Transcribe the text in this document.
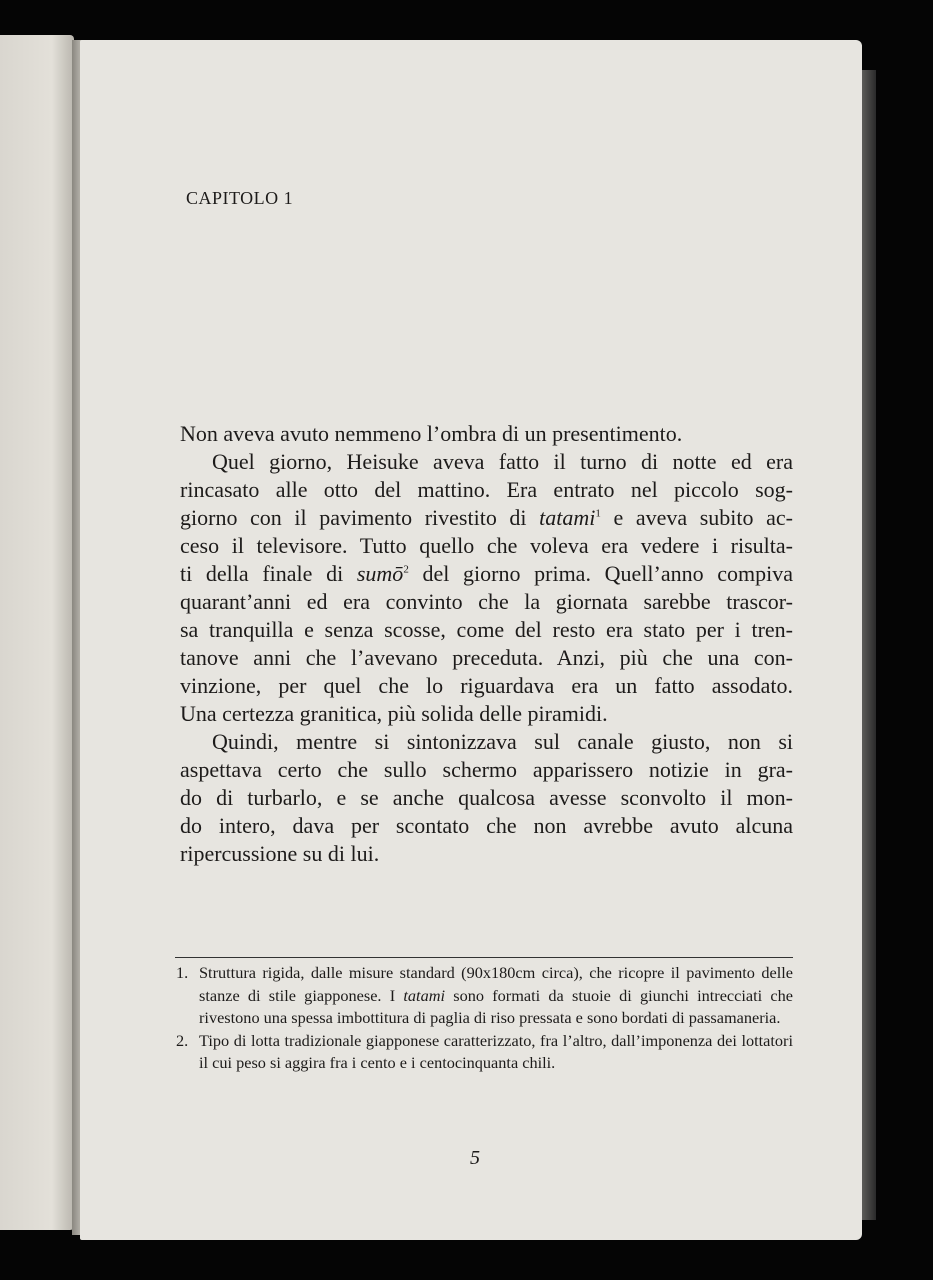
CAPITOLO 1
Non aveva avuto nemmeno l’ombra di un presentimento.
Quel giorno, Heisuke aveva fatto il turno di notte ed era
rincasato alle otto del mattino. Era entrato nel piccolo sog-
giorno con il pavimento rivestito di tatami$^1$ e aveva subito ac-
ceso il televisore. Tutto quello che voleva era vedere i risulta-
ti della finale di sumō$^2$ del giorno prima. Quell’anno compiva
quarant’anni ed era convinto che la giornata sarebbe trascor-
sa tranquilla e senza scosse, come del resto era stato per i tren-
tanove anni che l’avevano preceduta. Anzi, più che una con-
vinzione, per quel che lo riguardava era un fatto assodato.
Una certezza granitica, più solida delle piramidi.
Quindi, mentre si sintonizzava sul canale giusto, non si
aspettava certo che sullo schermo apparissero notizie in gra-
do di turbarlo, e se anche qualcosa avesse sconvolto il mon-
do intero, dava per scontato che non avrebbe avuto alcuna
ripercussione su di lui.
1. Struttura rigida, dalle misure standard (90x180cm circa), che ricopre il pavimento delle stanze di stile giapponese. I tatami sono formati da stuoie di giunchi intrecciati che rivestono una spessa imbottitura di paglia di riso pressata e sono bordati di passamaneria.
2. Tipo di lotta tradizionale giapponese caratterizzato, fra l’altro, dall’imponenza dei lottatori il cui peso si aggira fra i cento e i centocinquanta chili.
5
